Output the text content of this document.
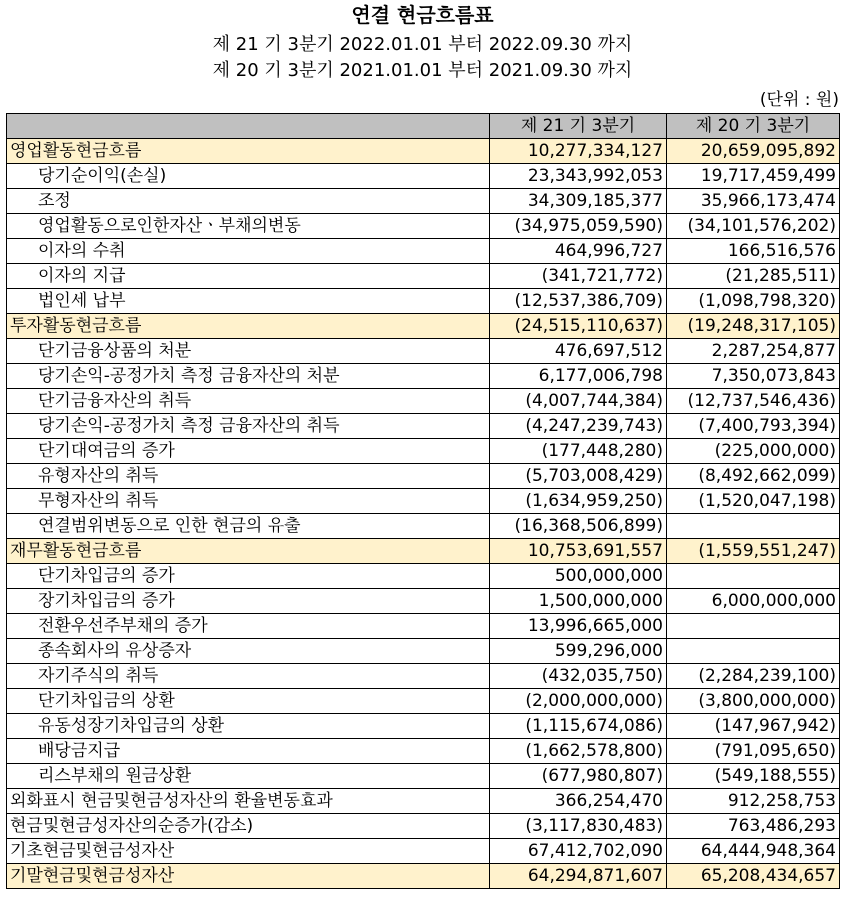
연결 현금흐름표
제 21 기 3분기 2022.01.01 부터 2022.09.30 까지
제 20 기 3분기 2021.01.01 부터 2021.09.30 까지
(단위 : 원)
	제 21 기 3분기	제 20 기 3분기
영업활동현금흐름	10,277,334,127	20,659,095,892
당기순이익(손실)	23,343,992,053	19,717,459,499
조정	34,309,185,377	35,966,173,474
영업활동으로인한자산ㆍ부채의변동	(34,975,059,590)	(34,101,576,202)
이자의 수취	464,996,727	166,516,576
이자의 지급	(341,721,772)	(21,285,511)
법인세 납부	(12,537,386,709)	(1,098,798,320)
투자활동현금흐름	(24,515,110,637)	(19,248,317,105)
단기금융상품의 처분	476,697,512	2,287,254,877
당기손익-공정가치 측정 금융자산의 처분	6,177,006,798	7,350,073,843
단기금융자산의 취득	(4,007,744,384)	(12,737,546,436)
당기손익-공정가치 측정 금융자산의 취득	(4,247,239,743)	(7,400,793,394)
단기대여금의 증가	(177,448,280)	(225,000,000)
유형자산의 취득	(5,703,008,429)	(8,492,662,099)
무형자산의 취득	(1,634,959,250)	(1,520,047,198)
연결범위변동으로 인한 현금의 유출	(16,368,506,899)	
재무활동현금흐름	10,753,691,557	(1,559,551,247)
단기차입금의 증가	500,000,000	
장기차입금의 증가	1,500,000,000	6,000,000,000
전환우선주부채의 증가	13,996,665,000	
종속회사의 유상증자	599,296,000	
자기주식의 취득	(432,035,750)	(2,284,239,100)
단기차입금의 상환	(2,000,000,000)	(3,800,000,000)
유동성장기차입금의 상환	(1,115,674,086)	(147,967,942)
배당금지급	(1,662,578,800)	(791,095,650)
리스부채의 원금상환	(677,980,807)	(549,188,555)
외화표시 현금및현금성자산의 환율변동효과	366,254,470	912,258,753
현금및현금성자산의순증가(감소)	(3,117,830,483)	763,486,293
기초현금및현금성자산	67,412,702,090	64,444,948,364
기말현금및현금성자산	64,294,871,607	65,208,434,657
